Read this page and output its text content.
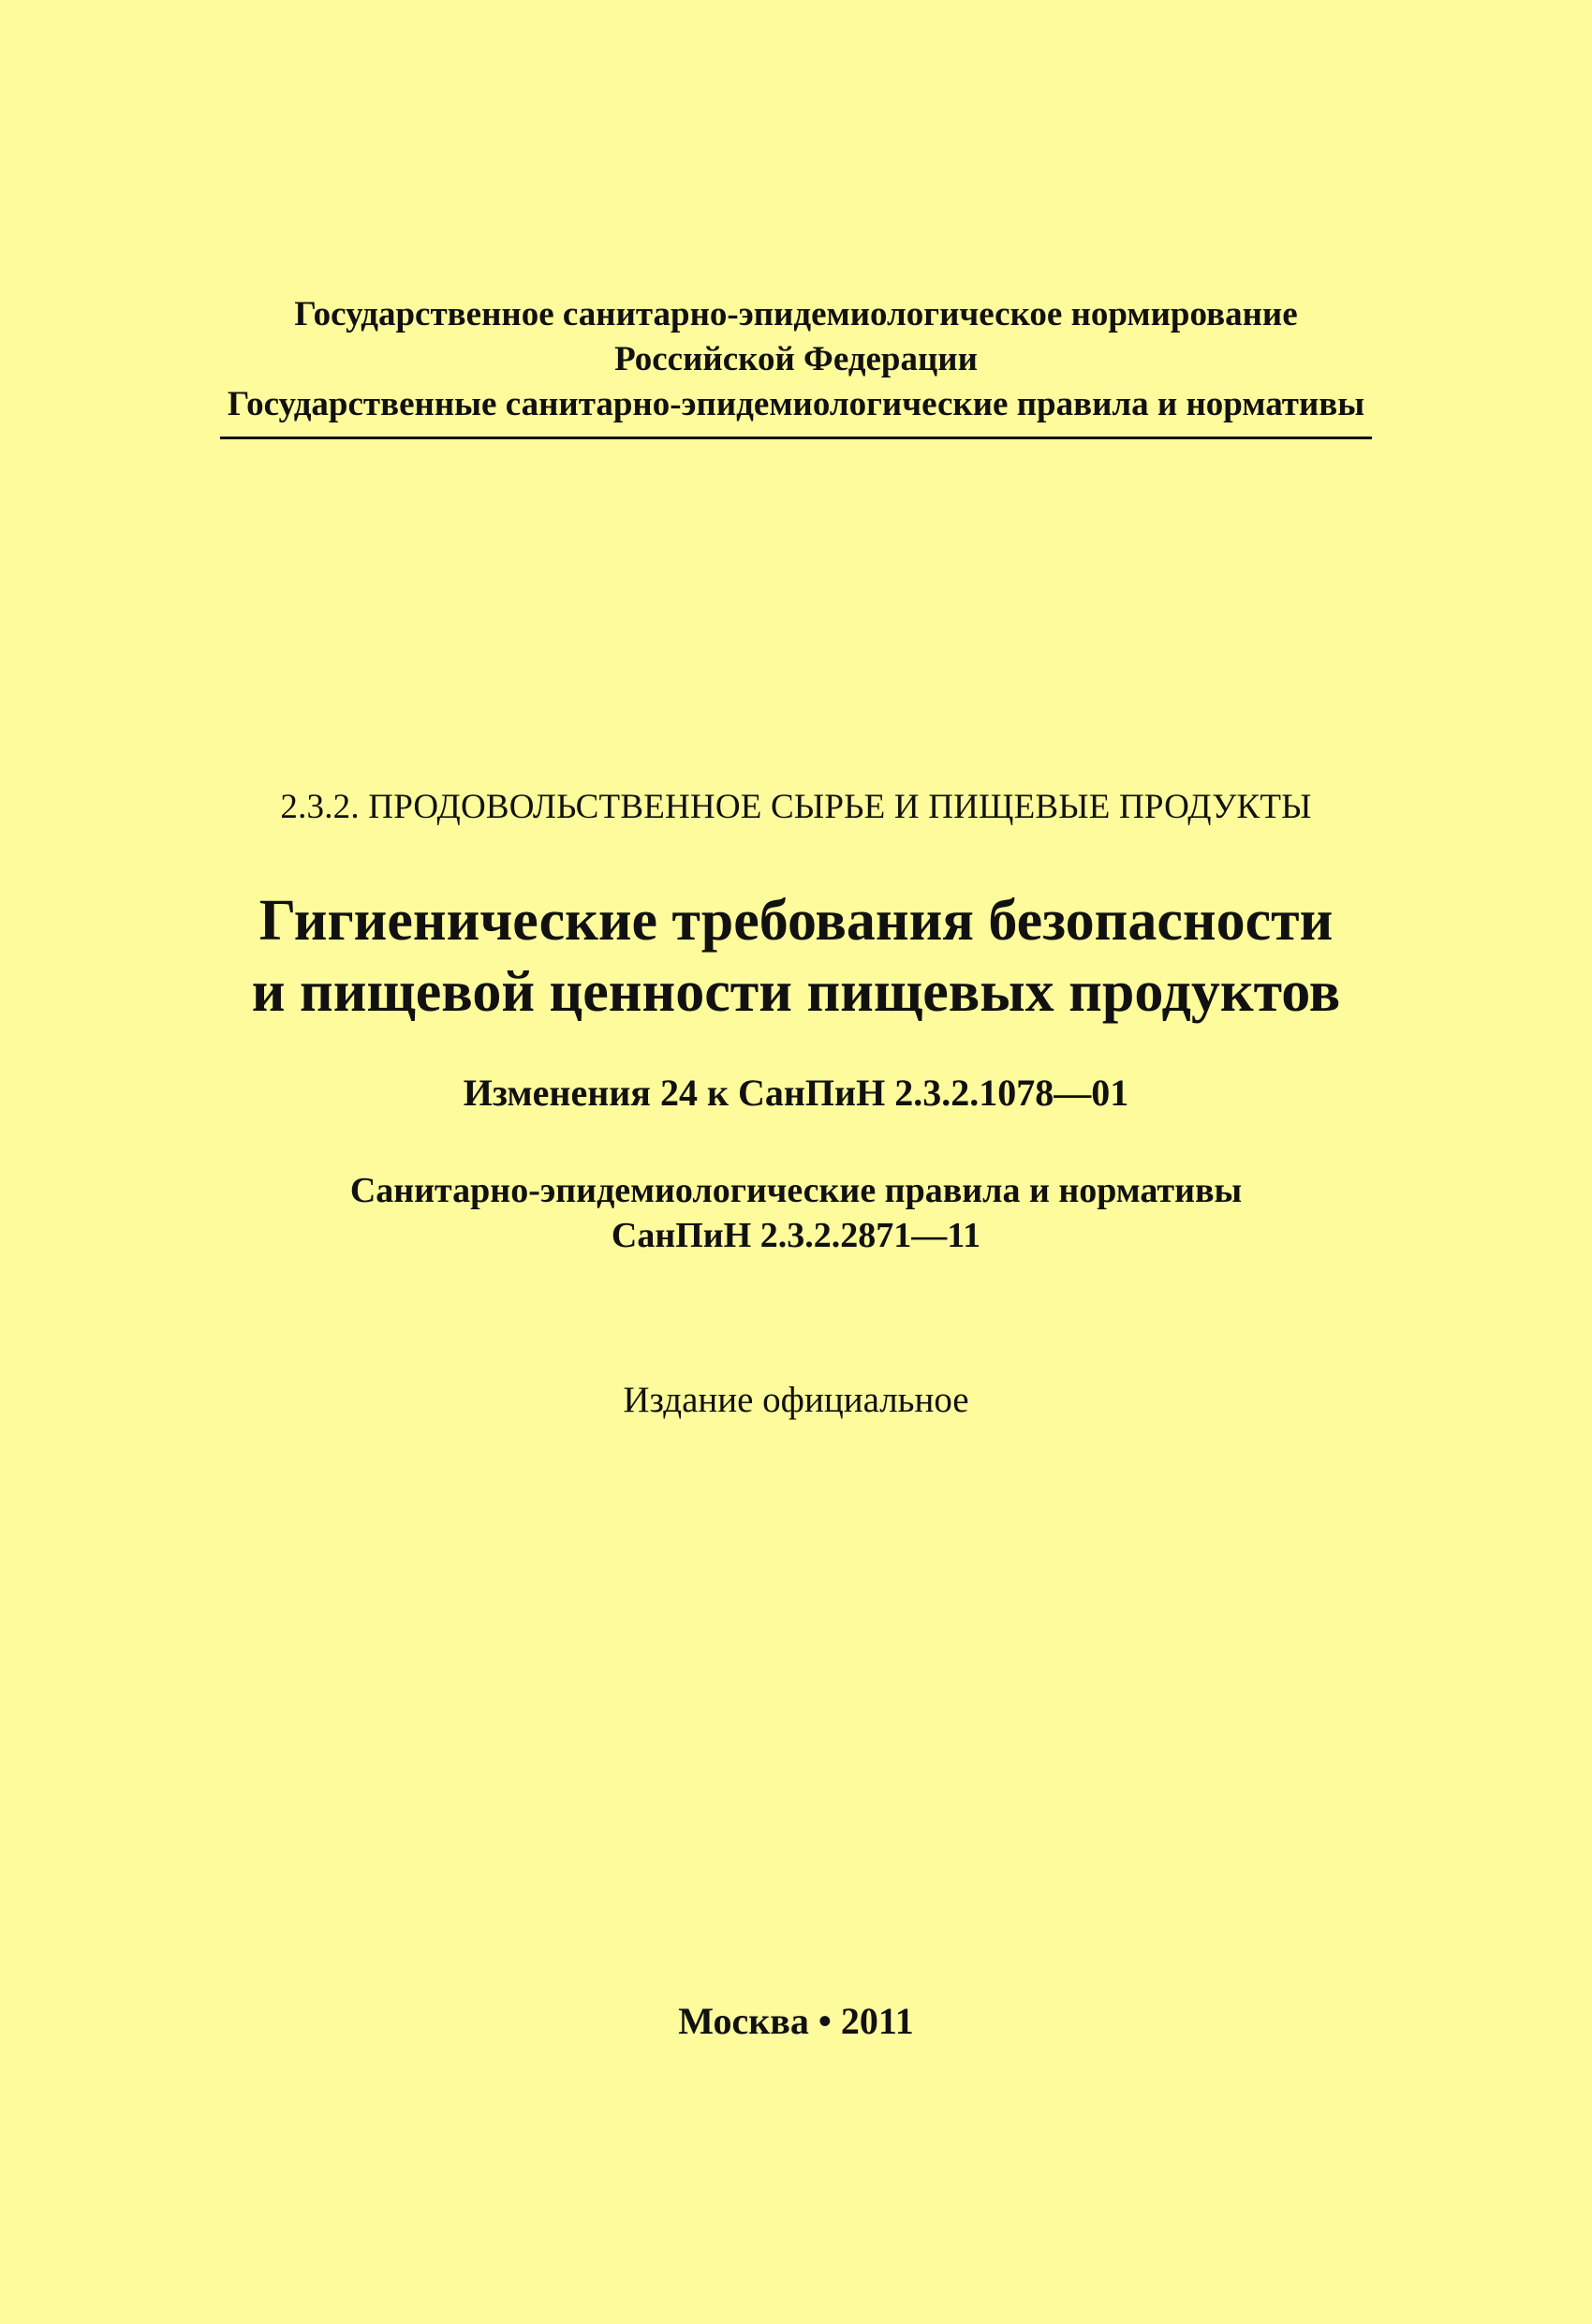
Государственное санитарно-эпидемиологическое нормирование
Российской Федерации
Государственные санитарно-эпидемиологические правила и нормативы
2.3.2. ПРОДОВОЛЬСТВЕННОЕ СЫРЬЕ И ПИЩЕВЫЕ ПРОДУКТЫ
Гигиенические требования безопасности
и пищевой ценности пищевых продуктов
Изменения 24 к СанПиН 2.3.2.1078—01
Санитарно-эпидемиологические правила и нормативы
СанПиН 2.3.2.2871—11
Издание официальное
Москва • 2011
